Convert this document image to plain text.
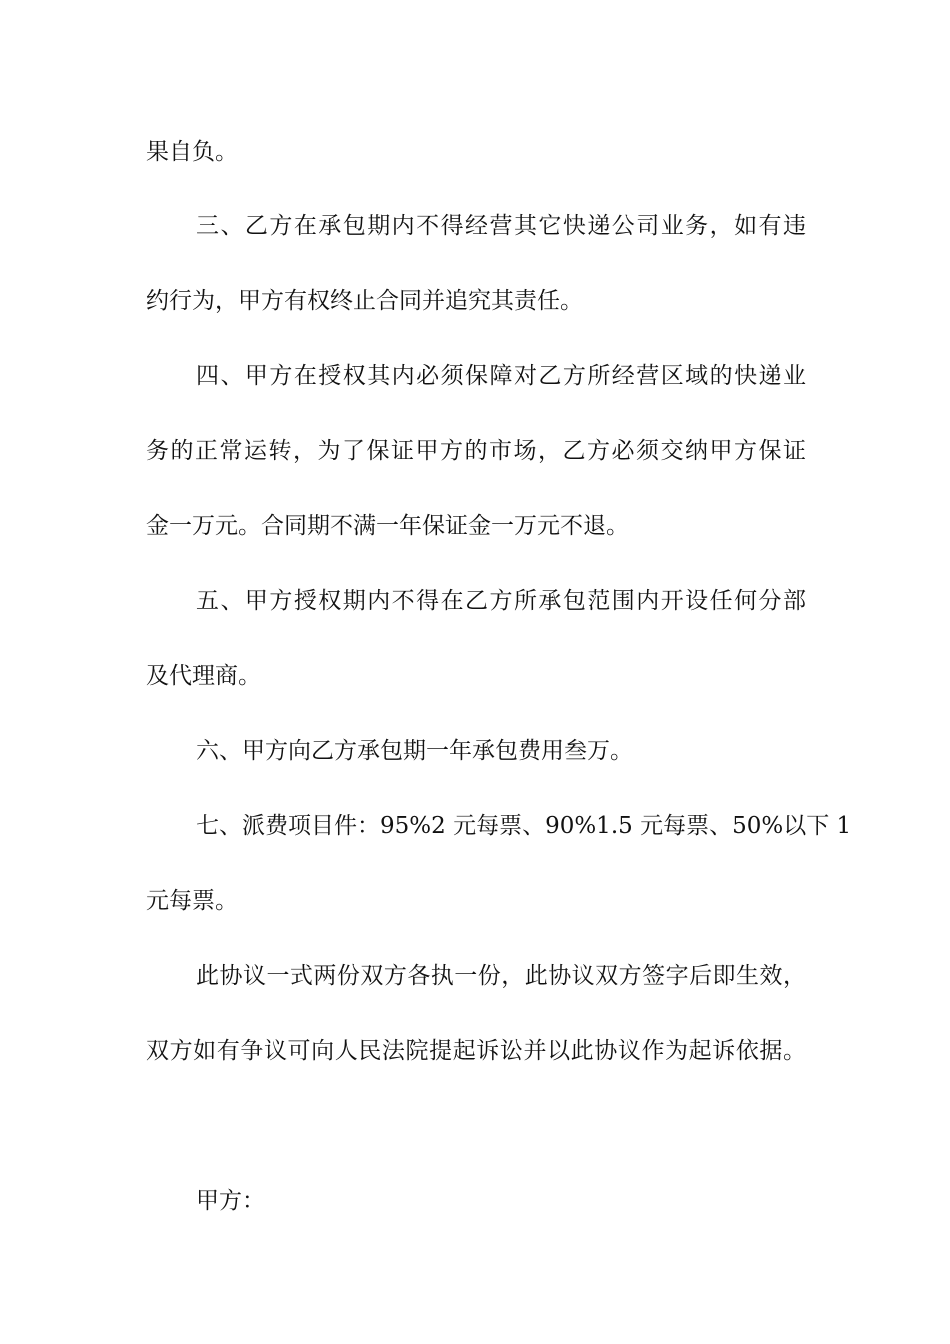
果自负。
三、乙方在承包期内不得经营其它快递公司业务，如有违
约行为，甲方有权终止合同并追究其责任。
四、甲方在授权其内必须保障对乙方所经营区域的快递业
务的正常运转，为了保证甲方的市场，乙方必须交纳甲方保证
金一万元。合同期不满一年保证金一万元不退。
五、甲方授权期内不得在乙方所承包范围内开设任何分部
及代理商。
六、甲方向乙方承包期一年承包费用叁万。
七、派费项目件：95%2 元每票、90%1.5 元每票、50%以下 1
元每票。
此协议一式两份双方各执一份，此协议双方签字后即生效，
双方如有争议可向人民法院提起诉讼并以此协议作为起诉依据。
甲方：
